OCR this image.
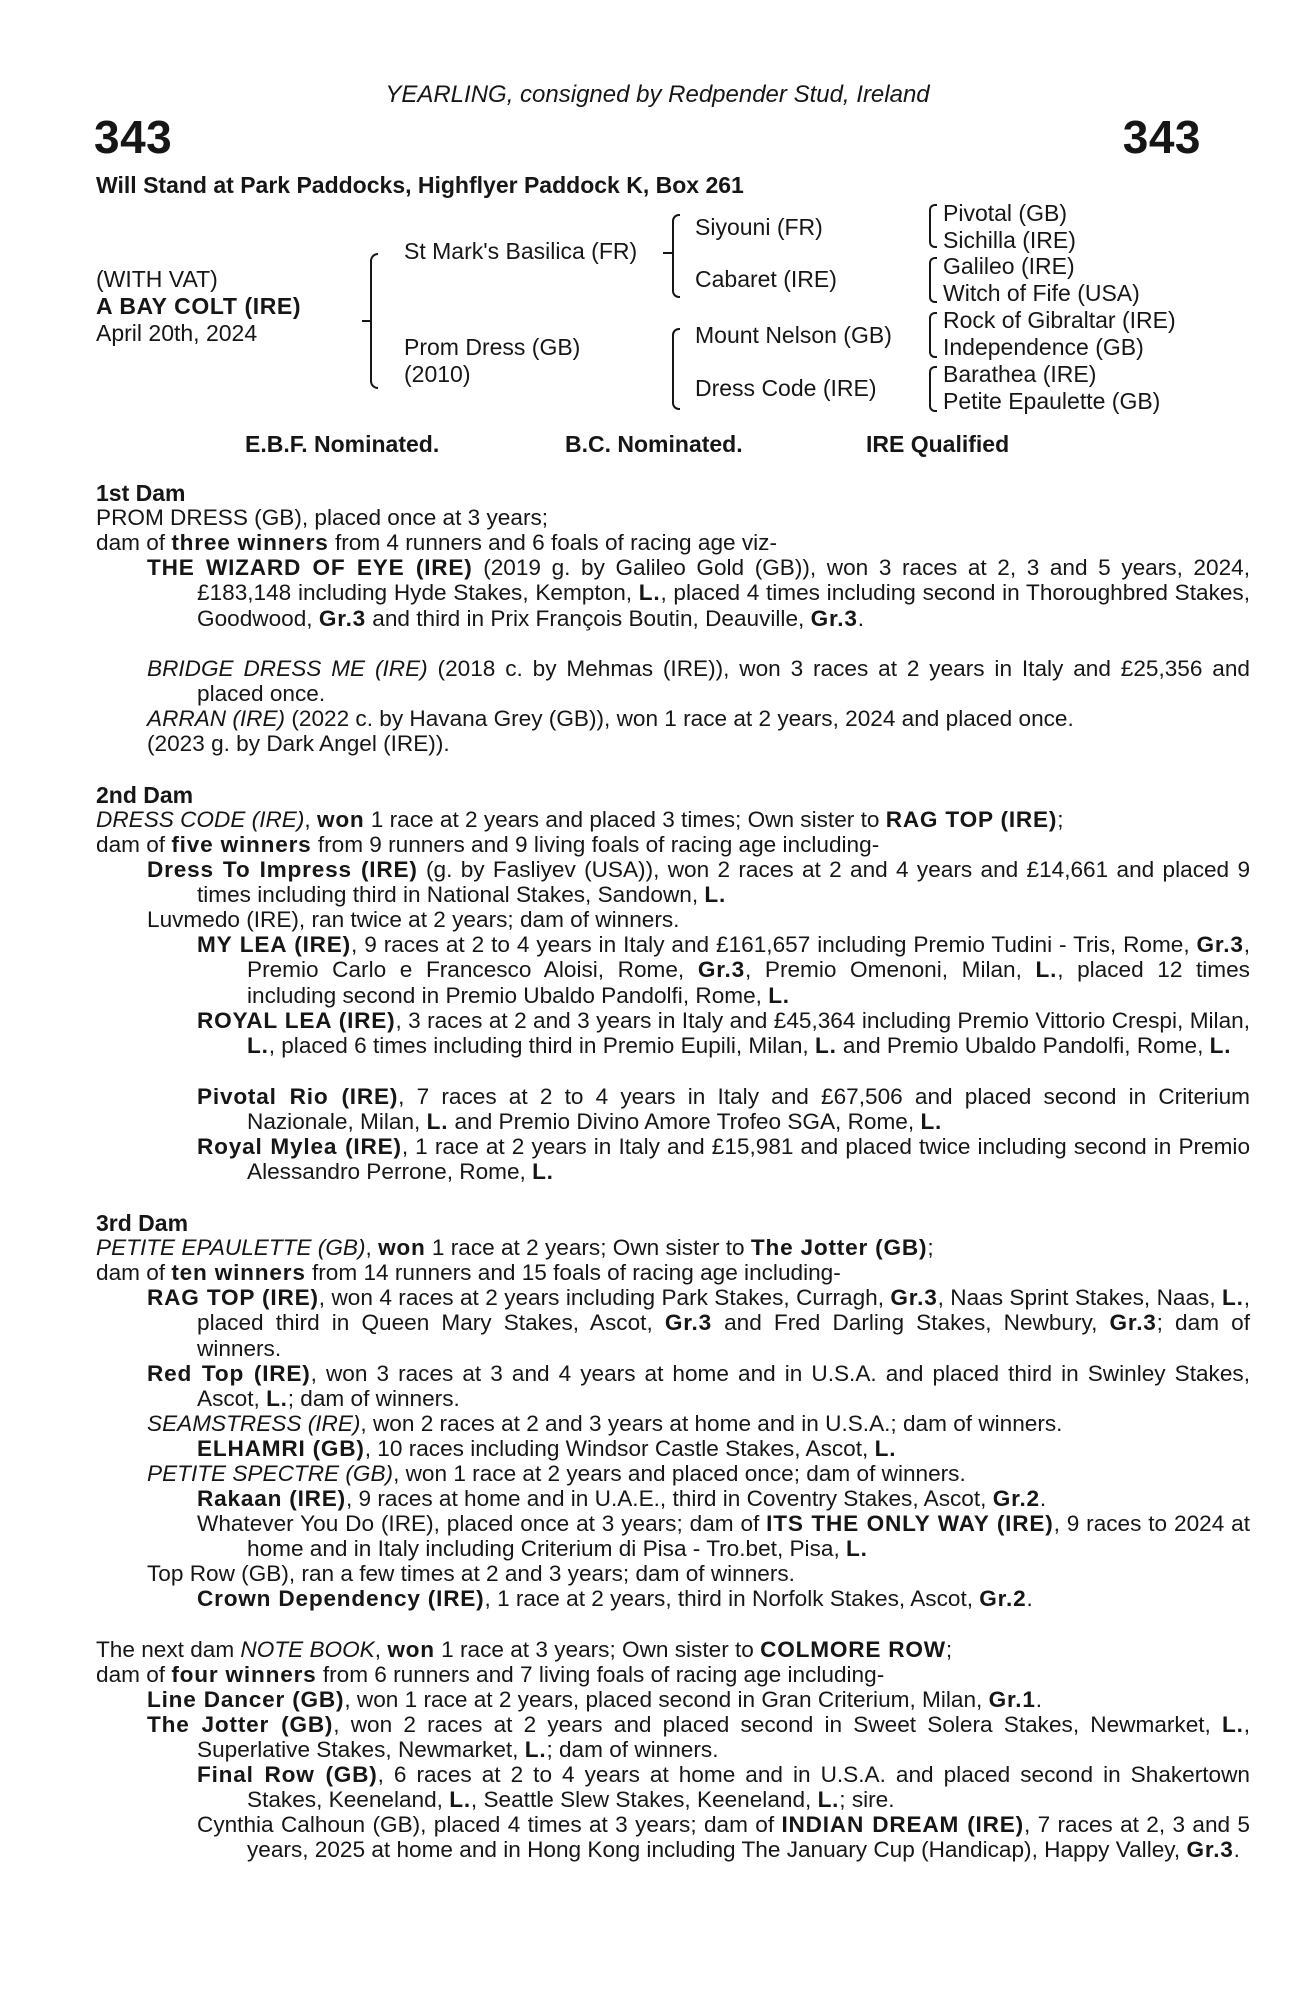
YEARLING, consigned by Redpender Stud, Ireland
343	343
Will Stand at Park Paddocks, Highflyer Paddock K, Box 261
(WITH VAT)
A BAY COLT (IRE)
April 20th, 2024
St Mark's Basilica (FR)
Prom Dress (GB)
(2010)
Siyouni (FR)
Cabaret (IRE)
Mount Nelson (GB)
Dress Code (IRE)
Pivotal (GB)
Sichilla (IRE)
Galileo (IRE)
Witch of Fife (USA)
Rock of Gibraltar (IRE)
Independence (GB)
Barathea (IRE)
Petite Epaulette (GB)
E.B.F. Nominated.	B.C. Nominated.	IRE Qualified
1st Dam
PROM DRESS (GB), placed once at 3 years;
dam of three winners from 4 runners and 6 foals of racing age viz-
THE WIZARD OF EYE (IRE) (2019 g. by Galileo Gold (GB)), won 3 races at 2, 3 and 5 years, 2024, £183,148 including Hyde Stakes, Kempton, L., placed 4 times including second in Thoroughbred Stakes, Goodwood, Gr.3 and third in Prix François Boutin, Deauville, Gr.3.
BRIDGE DRESS ME (IRE) (2018 c. by Mehmas (IRE)), won 3 races at 2 years in Italy and £25,356 and placed once.
ARRAN (IRE) (2022 c. by Havana Grey (GB)), won 1 race at 2 years, 2024 and placed once.
(2023 g. by Dark Angel (IRE)).
2nd Dam
DRESS CODE (IRE), won 1 race at 2 years and placed 3 times; Own sister to RAG TOP (IRE);
dam of five winners from 9 runners and 9 living foals of racing age including-
Dress To Impress (IRE) (g. by Fasliyev (USA)), won 2 races at 2 and 4 years and £14,661 and placed 9 times including third in National Stakes, Sandown, L.
Luvmedo (IRE), ran twice at 2 years; dam of winners.
MY LEA (IRE), 9 races at 2 to 4 years in Italy and £161,657 including Premio Tudini - Tris, Rome, Gr.3, Premio Carlo e Francesco Aloisi, Rome, Gr.3, Premio Omenoni, Milan, L., placed 12 times including second in Premio Ubaldo Pandolfi, Rome, L.
ROYAL LEA (IRE), 3 races at 2 and 3 years in Italy and £45,364 including Premio Vittorio Crespi, Milan, L., placed 6 times including third in Premio Eupili, Milan, L. and Premio Ubaldo Pandolfi, Rome, L.
Pivotal Rio (IRE), 7 races at 2 to 4 years in Italy and £67,506 and placed second in Criterium Nazionale, Milan, L. and Premio Divino Amore Trofeo SGA, Rome, L.
Royal Mylea (IRE), 1 race at 2 years in Italy and £15,981 and placed twice including second in Premio Alessandro Perrone, Rome, L.
3rd Dam
PETITE EPAULETTE (GB), won 1 race at 2 years; Own sister to The Jotter (GB);
dam of ten winners from 14 runners and 15 foals of racing age including-
RAG TOP (IRE), won 4 races at 2 years including Park Stakes, Curragh, Gr.3, Naas Sprint Stakes, Naas, L., placed third in Queen Mary Stakes, Ascot, Gr.3 and Fred Darling Stakes, Newbury, Gr.3; dam of winners.
Red Top (IRE), won 3 races at 3 and 4 years at home and in U.S.A. and placed third in Swinley Stakes, Ascot, L.; dam of winners.
SEAMSTRESS (IRE), won 2 races at 2 and 3 years at home and in U.S.A.; dam of winners.
ELHAMRI (GB), 10 races including Windsor Castle Stakes, Ascot, L.
PETITE SPECTRE (GB), won 1 race at 2 years and placed once; dam of winners.
Rakaan (IRE), 9 races at home and in U.A.E., third in Coventry Stakes, Ascot, Gr.2.
Whatever You Do (IRE), placed once at 3 years; dam of ITS THE ONLY WAY (IRE), 9 races to 2024 at home and in Italy including Criterium di Pisa - Tro.bet, Pisa, L.
Top Row (GB), ran a few times at 2 and 3 years; dam of winners.
Crown Dependency (IRE), 1 race at 2 years, third in Norfolk Stakes, Ascot, Gr.2.
The next dam NOTE BOOK, won 1 race at 3 years; Own sister to COLMORE ROW;
dam of four winners from 6 runners and 7 living foals of racing age including-
Line Dancer (GB), won 1 race at 2 years, placed second in Gran Criterium, Milan, Gr.1.
The Jotter (GB), won 2 races at 2 years and placed second in Sweet Solera Stakes, Newmarket, L., Superlative Stakes, Newmarket, L.; dam of winners.
Final Row (GB), 6 races at 2 to 4 years at home and in U.S.A. and placed second in Shakertown Stakes, Keeneland, L., Seattle Slew Stakes, Keeneland, L.; sire.
Cynthia Calhoun (GB), placed 4 times at 3 years; dam of INDIAN DREAM (IRE), 7 races at 2, 3 and 5 years, 2025 at home and in Hong Kong including The January Cup (Handicap), Happy Valley, Gr.3.
